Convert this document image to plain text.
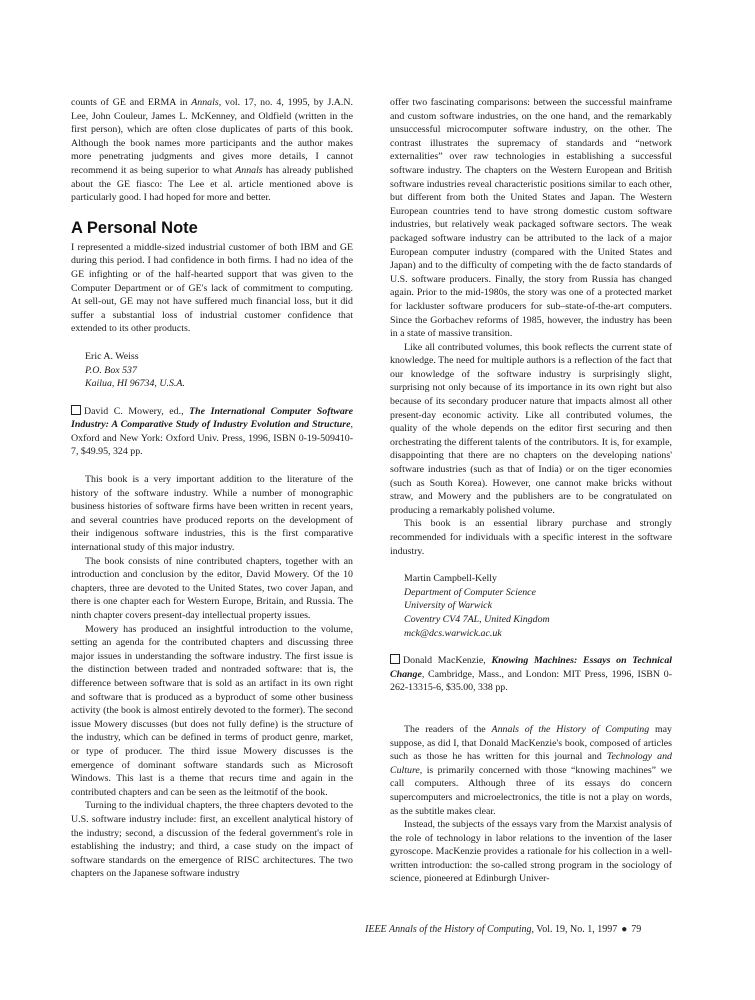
counts of GE and ERMA in Annals, vol. 17, no. 4, 1995, by J.A.N. Lee, John Couleur, James L. McKenney, and Oldfield (written in the first person), which are often close duplicates of parts of this book. Although the book names more participants and the author makes more penetrating judgments and gives more details, I cannot recommend it as being superior to what Annals has already published about the GE fiasco: The Lee et al. article mentioned above is particularly good. I had hoped for more and better.

A Personal Note

I represented a middle-sized industrial customer of both IBM and GE during this period. I had confidence in both firms. I had no idea of the GE infighting or of the half-hearted support that was given to the Computer Department or of GE's lack of commitment to computing. At sell-out, GE may not have suffered much financial loss, but it did suffer a substantial loss of industrial customer confidence that extended to its other products.

Eric A. Weiss
P.O. Box 537
Kailua, HI 96734, U.S.A.

David C. Mowery, ed., The International Computer Software Industry: A Comparative Study of Industry Evolution and Structure, Oxford and New York: Oxford Univ. Press, 1996, ISBN 0-19-509410-7, $49.95, 324 pp.

This book is a very important addition to the literature of the history of the software industry. While a number of monographic business histories of software firms have been written in recent years, and several countries have produced reports on the development of their indigenous software industries, this is the first comparative international study of this major industry.

The book consists of nine contributed chapters, together with an introduction and conclusion by the editor, David Mowery. Of the 10 chapters, three are devoted to the United States, two cover Japan, and there is one chapter each for Western Europe, Britain, and Russia. The ninth chapter covers present-day intellectual property issues.

Mowery has produced an insightful introduction to the volume, setting an agenda for the contributed chapters and discussing three major issues in understanding the software industry. The first issue is the distinction between traded and nontraded software: that is, the difference between software that is sold as an artifact in its own right and software that is produced as a byproduct of some other business activity (the book is almost entirely devoted to the former). The second issue Mowery discusses (but does not fully define) is the structure of the industry, which can be defined in terms of product genre, market, or type of producer. The third issue Mowery discusses is the emergence of dominant software standards such as Microsoft Windows. This last is a theme that recurs time and again in the contributed chapters and can be seen as the leitmotif of the book.

Turning to the individual chapters, the three chapters devoted to the U.S. software industry include: first, an excellent analytical history of the industry; second, a discussion of the federal government's role in establishing the industry; and third, a case study on the impact of software standards on the emergence of RISC architectures. The two chapters on the Japanese software industry

offer two fascinating comparisons: between the successful mainframe and custom software industries, on the one hand, and the remarkably unsuccessful microcomputer software industry, on the other. The contrast illustrates the supremacy of standards and “network externalities” over raw technologies in establishing a successful software industry. The chapters on the Western European and British software industries reveal characteristic positions similar to each other, but different from both the United States and Japan. The Western European countries tend to have strong domestic custom software industries, but relatively weak packaged software sectors. The weak packaged software industry can be attributed to the lack of a major European computer industry (compared with the United States and Japan) and to the difficulty of competing with the de facto standards of U.S. software producers. Finally, the story from Russia has changed again. Prior to the mid-1980s, the story was one of a protected market for lackluster software producers for sub–state-of-the-art computers. Since the Gorbachev reforms of 1985, however, the industry has been in a state of massive transition.

Like all contributed volumes, this book reflects the current state of knowledge. The need for multiple authors is a reflection of the fact that our knowledge of the software industry is surprisingly slight, surprising not only because of its importance in its own right but also because of its secondary producer nature that impacts almost all other present-day economic activity. Like all contributed volumes, the quality of the whole depends on the editor first securing and then orchestrating the different talents of the contributors. It is, for example, disappointing that there are no chapters on the developing nations' software industries (such as that of India) or on the tiger economies (such as South Korea). However, one cannot make bricks without straw, and Mowery and the publishers are to be congratulated on producing a remarkably polished volume.

This book is an essential library purchase and strongly recommended for individuals with a specific interest in the software industry.

Martin Campbell-Kelly
Department of Computer Science
University of Warwick
Coventry CV4 7AL, United Kingdom
mck@dcs.warwick.ac.uk

Donald MacKenzie, Knowing Machines: Essays on Technical Change, Cambridge, Mass., and London: MIT Press, 1996, ISBN 0-262-13315-6, $35.00, 338 pp.

The readers of the Annals of the History of Computing may suppose, as did I, that Donald MacKenzie's book, composed of articles such as those he has written for this journal and Technology and Culture, is primarily concerned with those “knowing machines” we call computers. Although three of its essays do concern supercomputers and microelectronics, the title is not a play on words, as the subtitle makes clear.

Instead, the subjects of the essays vary from the Marxist analysis of the role of technology in labor relations to the invention of the laser gyroscope. MacKenzie provides a rationale for his collection in a well-written introduction: the so-called strong program in the sociology of science, pioneered at Edinburgh Univer-

IEEE Annals of the History of Computing, Vol. 19, No. 1, 1997 ● 79
